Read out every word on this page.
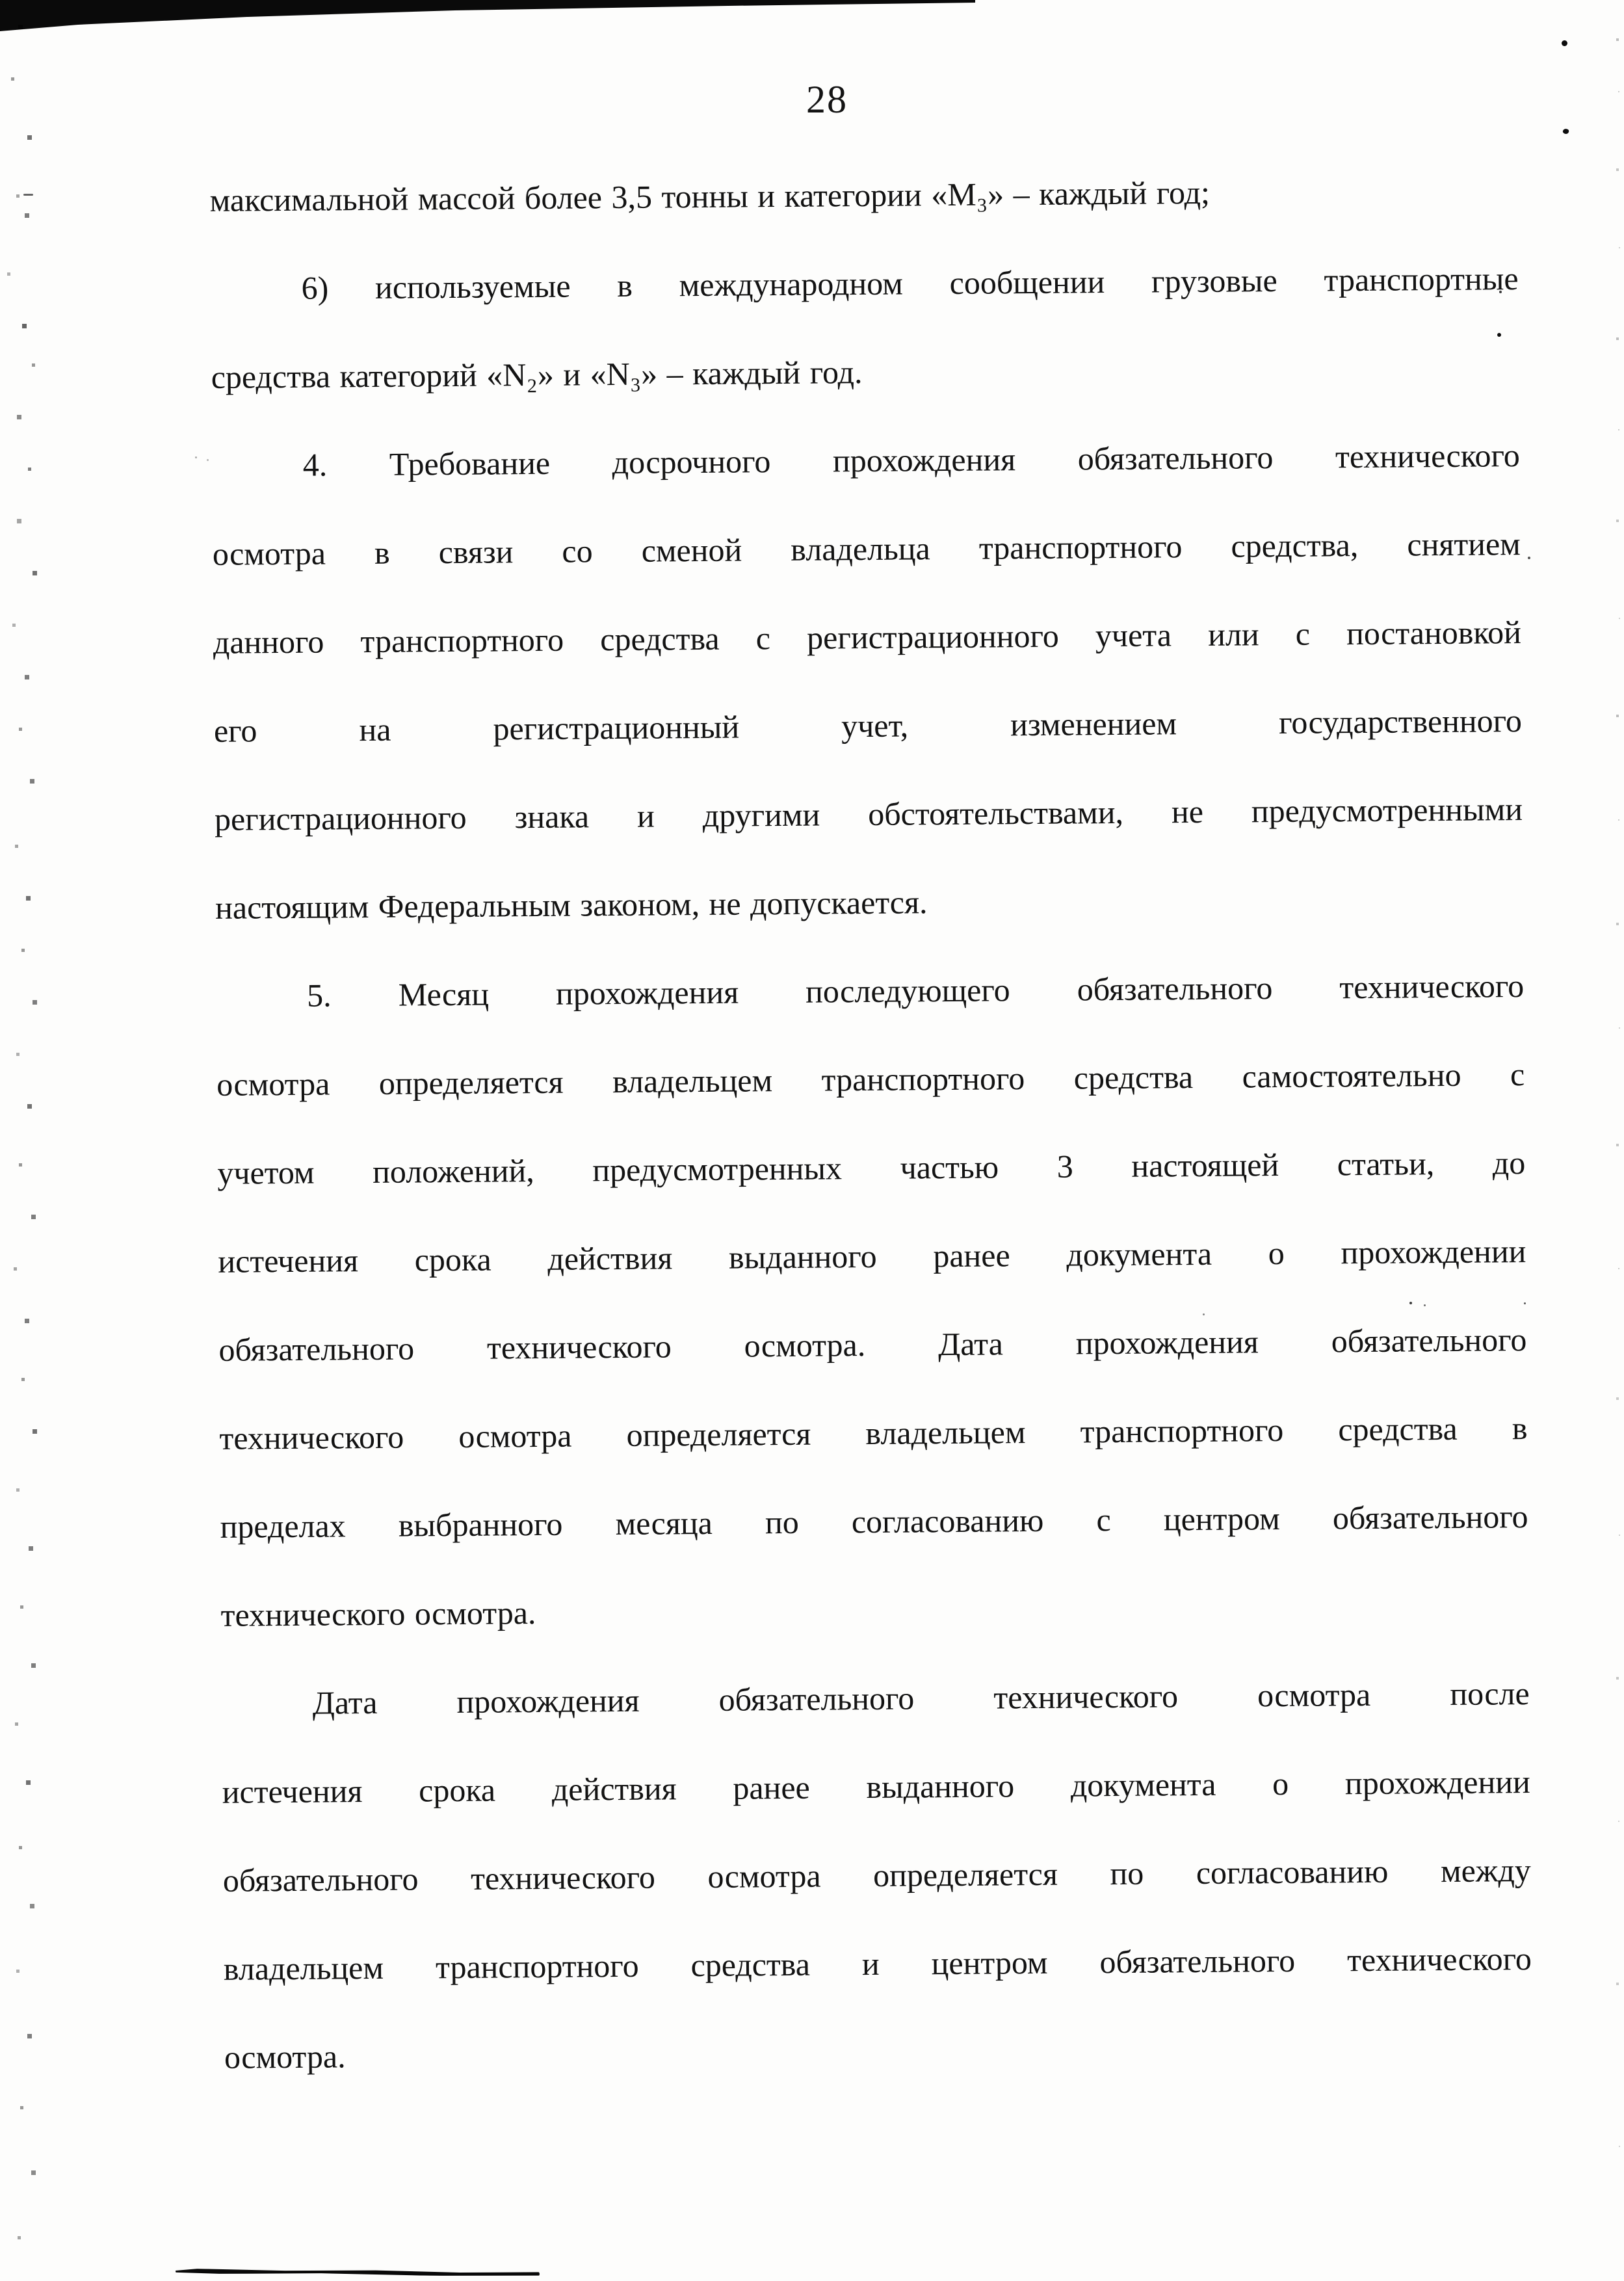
28
максимальной массой более 3,5 тонны и категории «М₃» – каждый год;
6) используемые в международном сообщении грузовые транспортные
средства категорий «N₂» и «N₃» – каждый год.
4. Требование досрочного прохождения обязательного технического
осмотра в связи со сменой владельца транспортного средства, снятием
данного транспортного средства с регистрационного учета или с постановкой
его на регистрационный учет, изменением государственного
регистрационного знака и другими обстоятельствами, не предусмотренными
настоящим Федеральным законом, не допускается.
5. Месяц прохождения последующего обязательного технического
осмотра определяется владельцем транспортного средства самостоятельно с
учетом положений, предусмотренных частью 3 настоящей статьи, до
истечения срока действия выданного ранее документа о прохождении
обязательного технического осмотра. Дата прохождения обязательного
технического осмотра определяется владельцем транспортного средства в
пределах выбранного месяца по согласованию с центром обязательного
технического осмотра.
Дата прохождения обязательного технического осмотра после
истечения срока действия ранее выданного документа о прохождении
обязательного технического осмотра определяется по согласованию между
владельцем транспортного средства и центром обязательного технического
осмотра.
